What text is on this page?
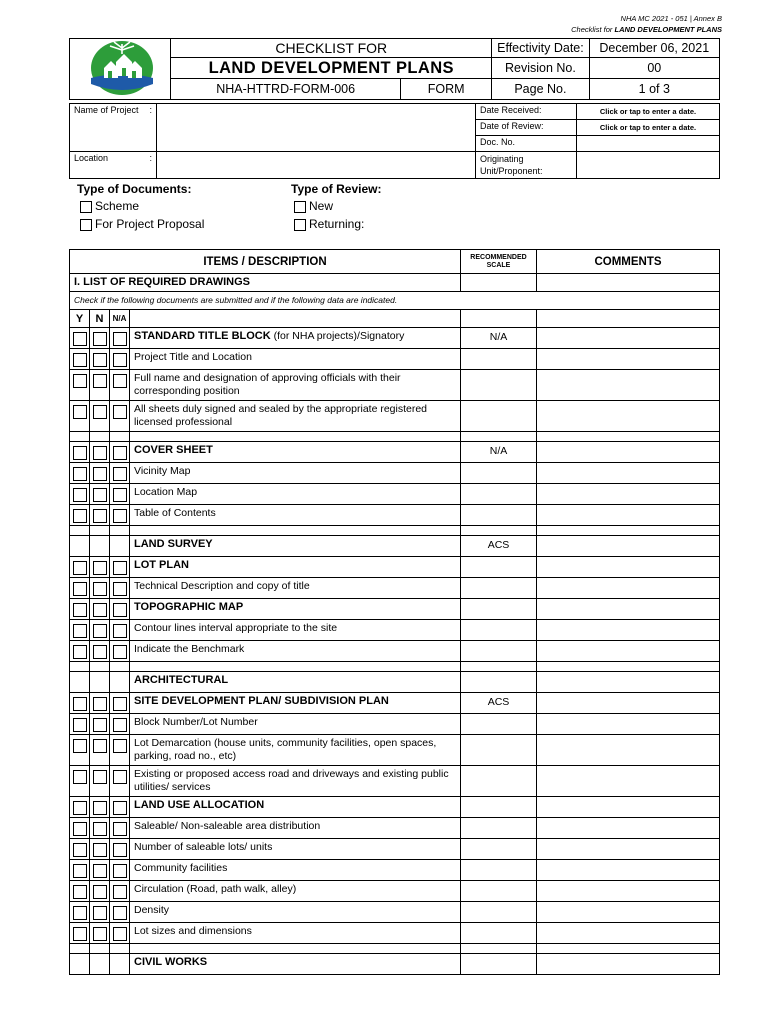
NHA MC 2021 - 051 | Annex B
Checklist for LAND DEVELOPMENT PLANS
	CHECKLIST FOR		Effectivity Date:	December 06, 2021
	LAND DEVELOPMENT PLANS		Revision No.	00
	NHA-HTTRD-FORM-006	FORM	Page No.	1 of 3
Name of Project :		Date Received:	Click or tap to enter a date.
		Date of Review:	Click or tap to enter a date.
		Doc. No.	
Location :		Originating Unit/Proponent:	
Type of Documents:
Scheme
For Project Proposal
Type of Review:
New
Returning:
ITEMS / DESCRIPTION				RECOMMENDED SCALE	COMMENTS
I. LIST OF REQUIRED DRAWINGS					
Check if the following documents are submitted and if the following data are indicated.					
Y	N	N/A			
			STANDARD TITLE BLOCK (for NHA projects)/Signatory	N/A	
			Project Title and Location		
			Full name and designation of approving officials with their corresponding position		
			All sheets duly signed and sealed by the appropriate registered licensed professional		

			COVER SHEET	N/A	
			Vicinity Map		
			Location Map		
			Table of Contents		

			LAND SURVEY	ACS	
			LOT PLAN		
			Technical Description and copy of title		
			TOPOGRAPHIC MAP		
			Contour lines interval appropriate to the site		
			Indicate the Benchmark		

			ARCHITECTURAL		
			SITE DEVELOPMENT PLAN/ SUBDIVISION PLAN	ACS	
			Block Number/Lot Number		
			Lot Demarcation (house units, community facilities, open spaces, parking, road no., etc)		
			Existing or proposed access road and driveways and existing public utilities/ services		
			LAND USE ALLOCATION		
			Saleable/ Non-saleable area distribution		
			Number of saleable lots/ units		
			Community facilities		
			Circulation (Road, path walk, alley)		
			Density		
			Lot sizes and dimensions		

			CIVIL WORKS		
